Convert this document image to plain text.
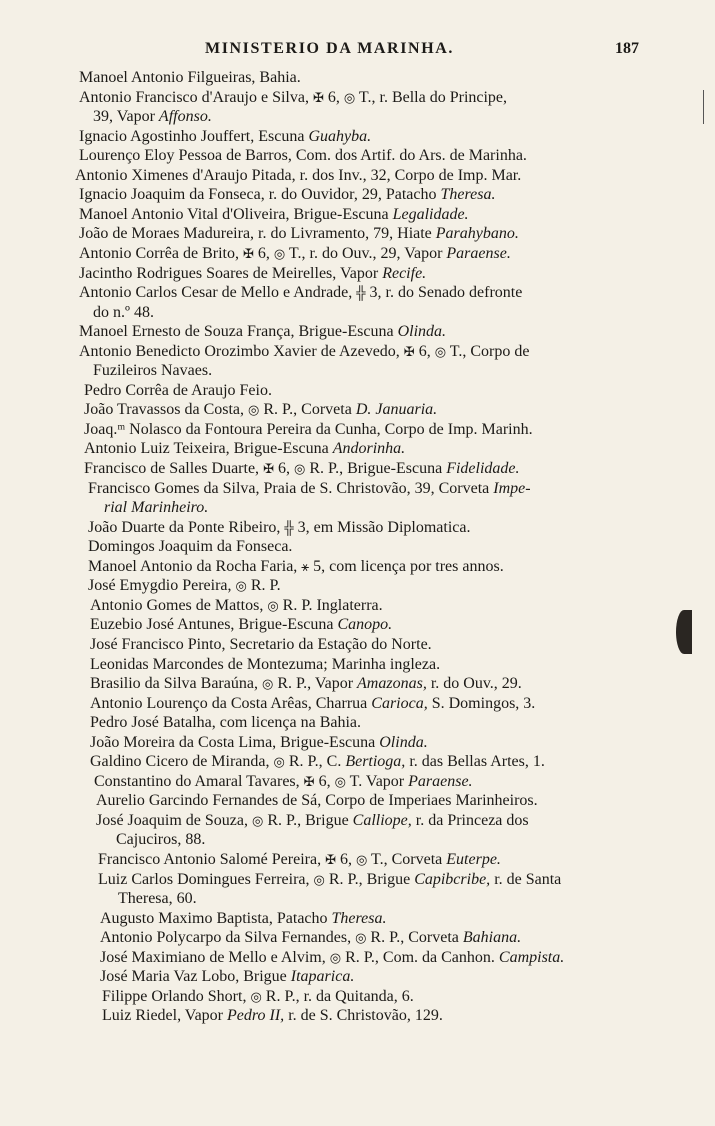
MINISTERIO DA MARINHA.	187
Manoel Antonio Filgueiras, Bahia.
Antonio Francisco d'Araujo e Silva, ✠ 6, ◎ T., r. Bella do Principe,
39, Vapor Affonso.
Ignacio Agostinho Jouffert, Escuna Guahyba.
Lourenço Eloy Pessoa de Barros, Com. dos Artif. do Ars. de Marinha.
Antonio Ximenes d'Araujo Pitada, r. dos Inv., 32, Corpo de Imp. Mar.
Ignacio Joaquim da Fonseca, r. do Ouvidor, 29, Patacho Theresa.
Manoel Antonio Vital d'Oliveira, Brigue-Escuna Legalidade.
João de Moraes Madureira, r. do Livramento, 79, Hiate Parahybano.
Antonio Corrêa de Brito, ✠ 6, ◎ T., r. do Ouv., 29, Vapor Paraense.
Jacintho Rodrigues Soares de Meirelles, Vapor Recife.
Antonio Carlos Cesar de Mello e Andrade, ╬ 3, r. do Senado defronte
do n.º 48.
Manoel Ernesto de Souza França, Brigue-Escuna Olinda.
Antonio Benedicto Orozimbo Xavier de Azevedo, ✠ 6, ◎ T., Corpo de
Fuzileiros Navaes.
Pedro Corrêa de Araujo Feio.
João Travassos da Costa, ◎ R. P., Corveta D. Januaria.
Joaq.ᵐ Nolasco da Fontoura Pereira da Cunha, Corpo de Imp. Marinh.
Antonio Luiz Teixeira, Brigue-Escuna Andorinha.
Francisco de Salles Duarte, ✠ 6, ◎ R. P., Brigue-Escuna Fidelidade.
Francisco Gomes da Silva, Praia de S. Christovão, 39, Corveta Impe-
rial Marinheiro.
João Duarte da Ponte Ribeiro, ╬ 3, em Missão Diplomatica.
Domingos Joaquim da Fonseca.
Manoel Antonio da Rocha Faria, ⚹ 5, com licença por tres annos.
José Emygdio Pereira, ◎ R. P.
Antonio Gomes de Mattos, ◎ R. P. Inglaterra.
Euzebio José Antunes, Brigue-Escuna Canopo.
José Francisco Pinto, Secretario da Estação do Norte.
Leonidas Marcondes de Montezuma; Marinha ingleza.
Brasilio da Silva Baraúna, ◎ R. P., Vapor Amazonas, r. do Ouv., 29.
Antonio Lourenço da Costa Arêas, Charrua Carioca, S. Domingos, 3.
Pedro José Batalha, com licença na Bahia.
João Moreira da Costa Lima, Brigue-Escuna Olinda.
Galdino Cicero de Miranda, ◎ R. P., C. Bertioga, r. das Bellas Artes, 1.
Constantino do Amaral Tavares, ✠ 6, ◎ T. Vapor Paraense.
Aurelio Garcindo Fernandes de Sá, Corpo de Imperiaes Marinheiros.
José Joaquim de Souza, ◎ R. P., Brigue Calliope, r. da Princeza dos
Cajuciros, 88.
Francisco Antonio Salomé Pereira, ✠ 6, ◎ T., Corveta Euterpe.
Luiz Carlos Domingues Ferreira, ◎ R. P., Brigue Capibcribe, r. de Santa
Theresa, 60.
Augusto Maximo Baptista, Patacho Theresa.
Antonio Polycarpo da Silva Fernandes, ◎ R. P., Corveta Bahiana.
José Maximiano de Mello e Alvim, ◎ R. P., Com. da Canhon. Campista.
José Maria Vaz Lobo, Brigue Itaparica.
Filippe Orlando Short, ◎ R. P., r. da Quitanda, 6.
Luiz Riedel, Vapor Pedro II, r. de S. Christovão, 129.
